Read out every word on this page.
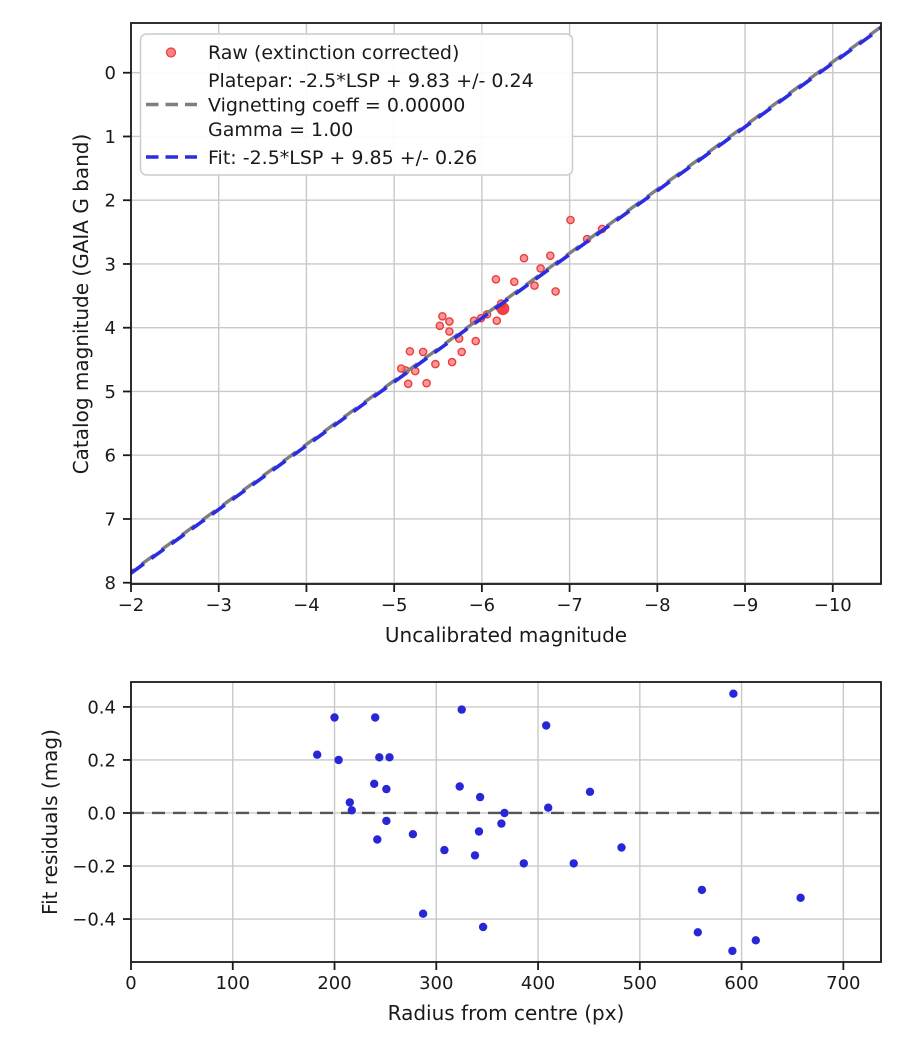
−2	−3	−4	−5	−6	−7	−8	−9	−10
0
1
2
3
4
5
6
7
8
Raw (extinction corrected)
Platepar: -2.5*LSP + 9.83 +/- 0.24
Vignetting coeff = 0.00000
Gamma = 1.00
Fit: -2.5*LSP + 9.85 +/- 0.26
0	100	200	300	400	500	600	700
0.4
0.2
0.0
−0.2
−0.4
Uncalibrated magnitude
Catalog magnitude (GAIA G band)
Radius from centre (px)
Fit residuals (mag)
